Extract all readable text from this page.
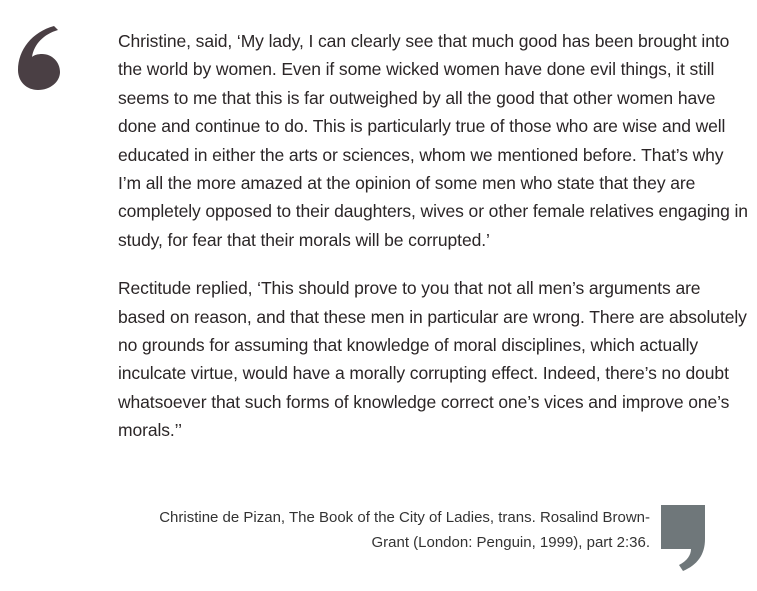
Christine, said, ‘My lady, I can clearly see that much good has been brought into the world by women. Even if some wicked women have done evil things, it still seems to me that this is far outweighed by all the good that other women have done and continue to do. This is particularly true of those who are wise and well educated in either the arts or sciences, whom we mentioned before. That’s why I’m all the more amazed at the opinion of some men who state that they are completely opposed to their daughters, wives or other female relatives engaging in study, for fear that their morals will be corrupted.’

Rectitude replied, ‘This should prove to you that not all men’s arguments are based on reason, and that these men in particular are wrong. There are absolutely no grounds for assuming that knowledge of moral disciplines, which actually inculcate virtue, would have a morally corrupting effect. Indeed, there’s no doubt whatsoever that such forms of knowledge correct one’s vices and improve one’s morals.’’

Christine de Pizan, The Book of the City of Ladies, trans. Rosalind Brown-
Grant (London: Penguin, 1999), part 2:36.
